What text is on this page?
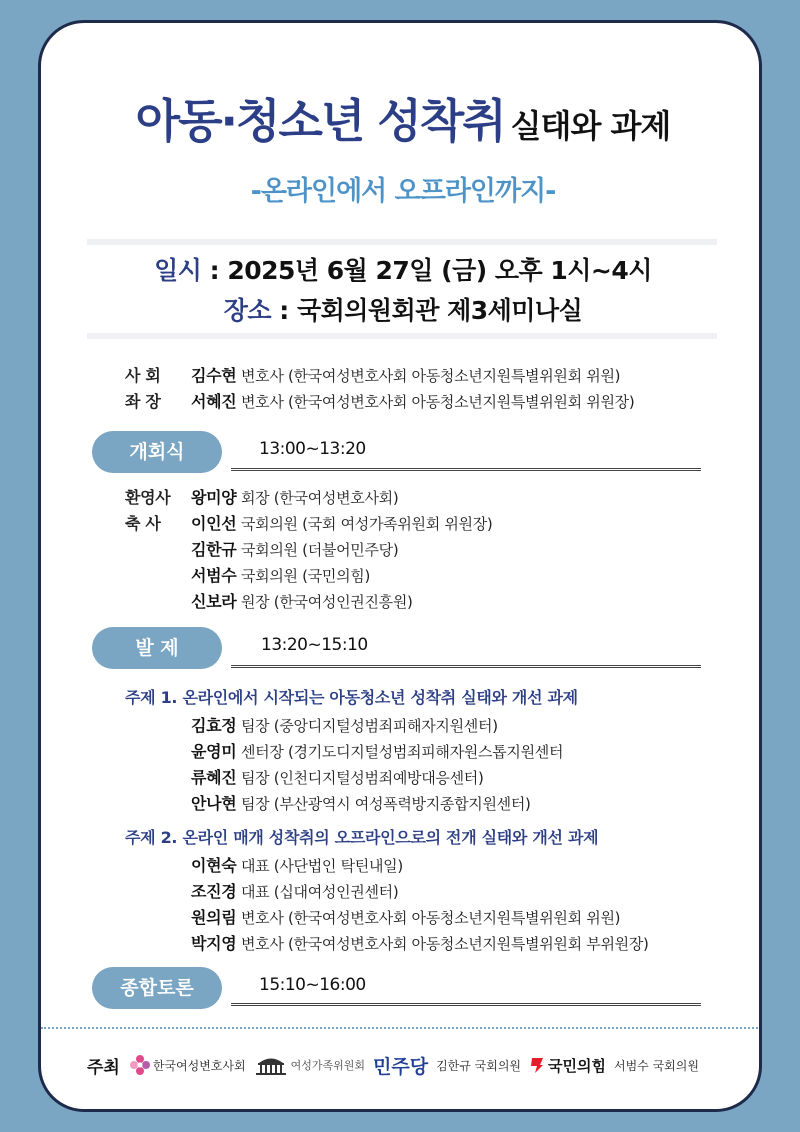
아동·청소년 성착취 실태와 과제
-온라인에서 오프라인까지-
일시 : 2025년 6월 27일 (금) 오후 1시~4시
장소 : 국회의원회관 제3세미나실
사 회 김수현 변호사 (한국여성변호사회 아동청소년지원특별위원회 위원)
좌 장 서혜진 변호사 (한국여성변호사회 아동청소년지원특별위원회 위원장)
개회식	13:00~13:20
환영사 왕미양 회장 (한국여성변호사회)
축 사 이인선 국회의원 (국회 여성가족위원회 위원장)
김한규 국회의원 (더불어민주당)
서범수 국회의원 (국민의힘)
신보라 원장 (한국여성인권진흥원)
발 제	13:20~15:10
주제 1. 온라인에서 시작되는 아동청소년 성착취 실태와 개선 과제
김효정 팀장 (중앙디지털성범죄피해자지원센터)
윤영미 센터장 (경기도디지털성범죄피해자원스톱지원센터
류혜진 팀장 (인천디지털성범죄예방대응센터)
안나현 팀장 (부산광역시 여성폭력방지종합지원센터)
주제 2. 온라인 매개 성착취의 오프라인으로의 전개 실태와 개선 과제
이현숙 대표 (사단법인 탁틴내일)
조진경 대표 (십대여성인권센터)
원의림 변호사 (한국여성변호사회 아동청소년지원특별위원회 위원)
박지영 변호사 (한국여성변호사회 아동청소년지원특별위원회 부위원장)
종합토론	15:10~16:00
주최	한국여성변호사회	여성가족위원회 민주당 김한규 국회의원 국민의힘 서범수 국회의원
